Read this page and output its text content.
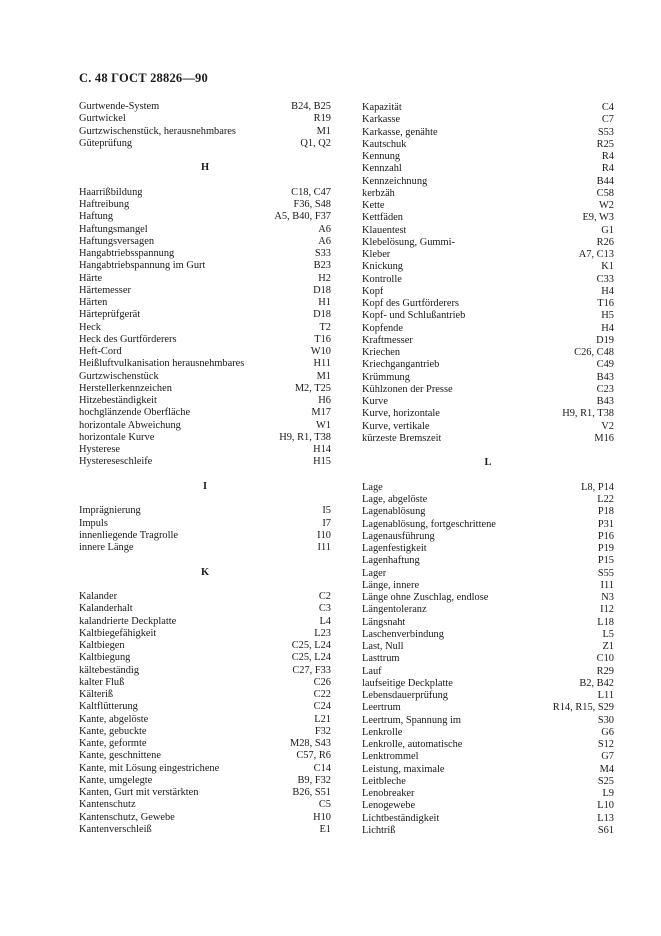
С. 48 ГОСТ 28826—90
Gurtwende-System	B24, B25
Gurtwickel	R19
Gurtzwischenstück, herausnehmbares	M1
Güteprüfung	Q1, Q2
H
Haarrißbildung	C18, C47
Haftreibung	F36, S48
Haftung	A5, B40, F37
Haftungsmangel	A6
Haftungsversagen	A6
Hangabtriebsspannung	S33
Hangabtriebspannung im Gurt	B23
Härte	H2
Härtemesser	D18
Härten	H1
Härteprüfgerät	D18
Heck	T2
Heck des Gurtförderers	T16
Heft-Cord	W10
Heißluftvulkanisation herausnehmbares	H11
Gurtzwischenstück	M1
Herstellerkennzeichen	M2, T25
Hitzebeständigkeit	H6
hochglänzende Oberfläche	M17
horizontale Abweichung	W1
horizontale Kurve	H9, R1, T38
Hysterese	H14
Hystereseschleife	H15
I
Imprägnierung	I5
Impuls	I7
innenliegende Tragrolle	I10
innere Länge	I11
K
Kalander	C2
Kalanderhalt	C3
kalandrierte Deckplatte	L4
Kaltbiegefähigkeit	L23
Kaltbiegen	C25, L24
Kaltbiegung	C25, L24
kältebeständig	C27, F33
kalter Fluß	C26
Kälteriß	C22
Kaltflütterung	C24
Kante, abgelöste	L21
Kante, gebuckte	F32
Kante, geformte	M28, S43
Kante, geschnittene	C57, R6
Kante, mit Lösung eingestrichene	C14
Kante, umgelegte	B9, F32
Kanten, Gurt mit verstärkten	B26, S51
Kantenschutz	C5
Kantenschutz, Gewebe	H10
Kantenverschleiß	E1
Kapazität	C4
Karkasse	C7
Karkasse, genähte	S53
Kautschuk	R25
Kennung	R4
Kennzahl	R4
Kennzeichnung	B44
kerbzäh	C58
Kette	W2
Kettfäden	E9, W3
Klauentest	G1
Klebelösung, Gummi-	R26
Kleber	A7, C13
Knickung	K1
Kontrolle	C33
Kopf	H4
Kopf des Gurtförderers	T16
Kopf- und Schlußantrieb	H5
Kopfende	H4
Kraftmesser	D19
Kriechen	C26, C48
Kriechgangantrieb	C49
Krümmung	B43
Kühlzonen der Presse	C23
Kurve	B43
Kurve, horizontale	H9, R1, T38
Kurve, vertikale	V2
kürzeste Bremszeit	M16
L
Lage	L8, P14
Lage, abgelöste	L22
Lagenablösung	P18
Lagenablösung, fortgeschrittene	P31
Lagenausführung	P16
Lagenfestigkeit	P19
Lagenhaftung	P15
Lager	S55
Länge, innere	I11
Länge ohne Zuschlag, endlose	N3
Längentoleranz	I12
Längsnaht	L18
Laschenverbindung	L5
Last, Null	Z1
Lasttrum	C10
Lauf	R29
laufseitige Deckplatte	B2, B42
Lebensdauerprüfung	L11
Leertrum	R14, R15, S29
Leertrum, Spannung im	S30
Lenkrolle	G6
Lenkrolle, automatische	S12
Lenktrommel	G7
Leistung, maximale	M4
Leitbleche	S25
Lenobreaker	L9
Lenogewebe	L10
Lichtbeständigkeit	L13
Lichtriß	S61
